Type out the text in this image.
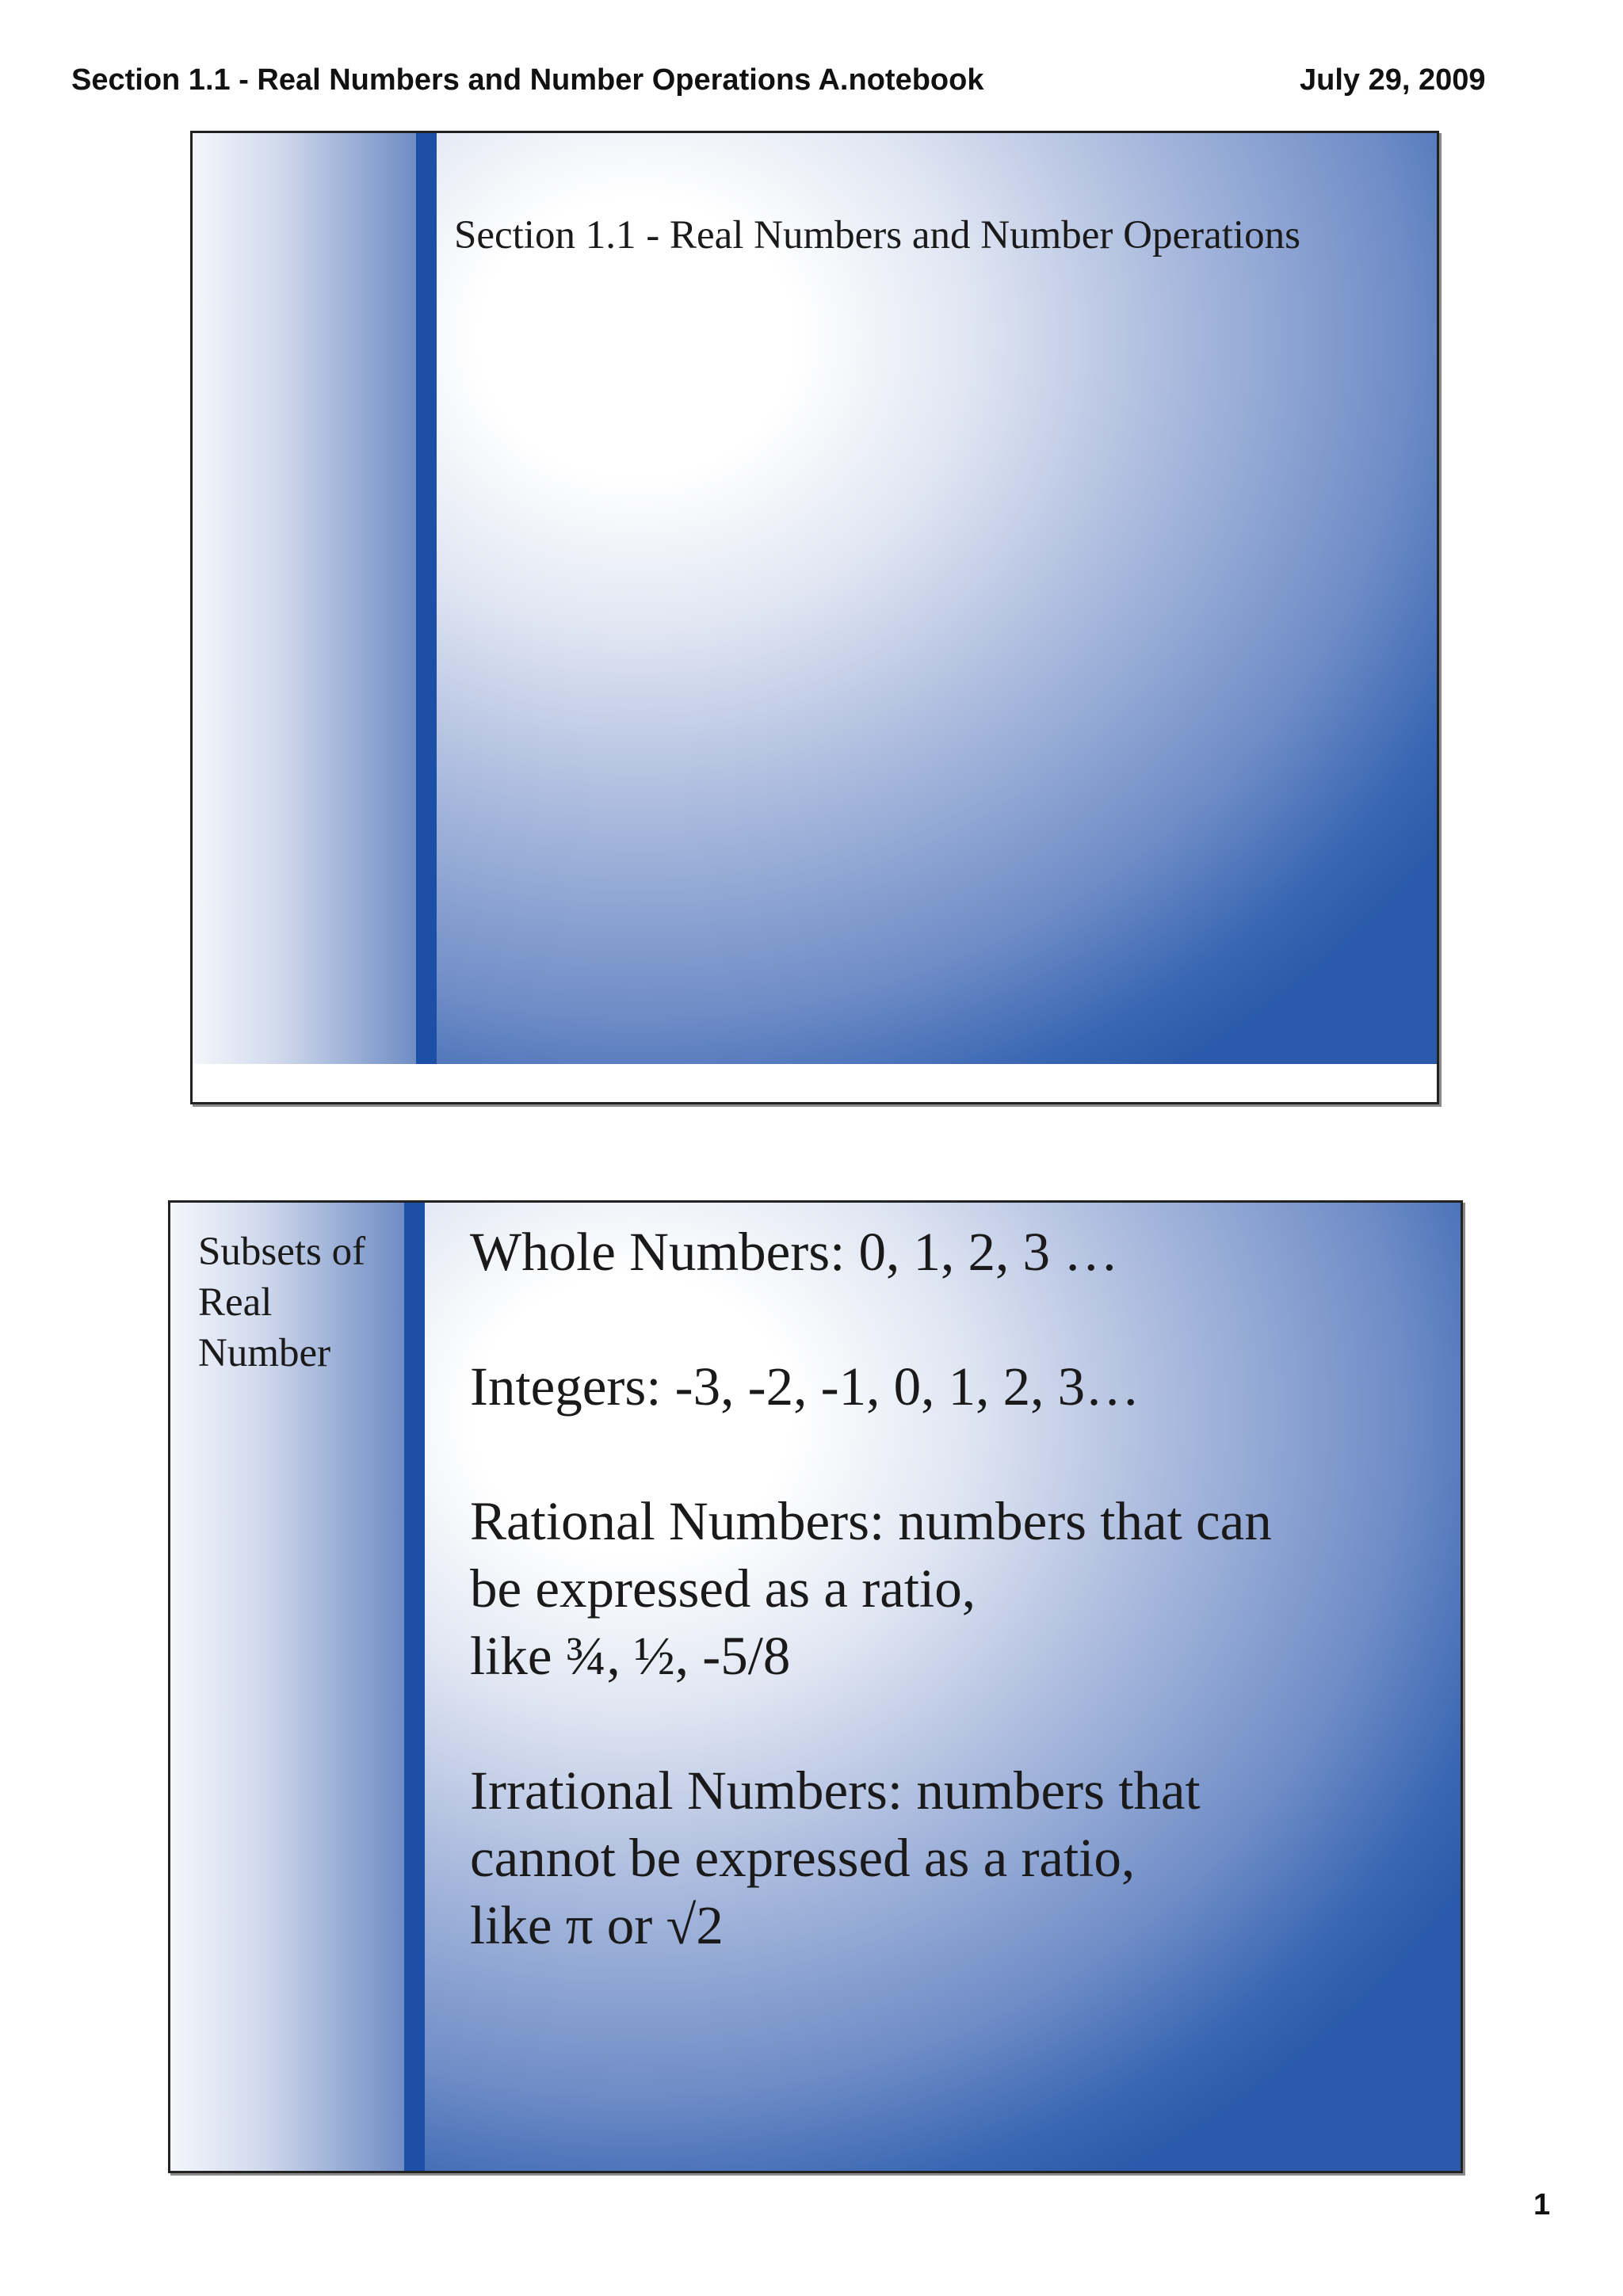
Section 1.1 - Real Numbers and Number Operations A.notebook	July 29, 2009
Section 1.1 - Real Numbers and Number Operations
Subsets of
Real
Number
Whole Numbers: 0, 1, 2, 3 …
Integers: -3, -2, -1, 0, 1, 2, 3…
Rational Numbers: numbers that can
be expressed as a ratio,
like ¾, ½, -5/8
Irrational Numbers: numbers that
cannot be expressed as a ratio,
like π or √2
1
